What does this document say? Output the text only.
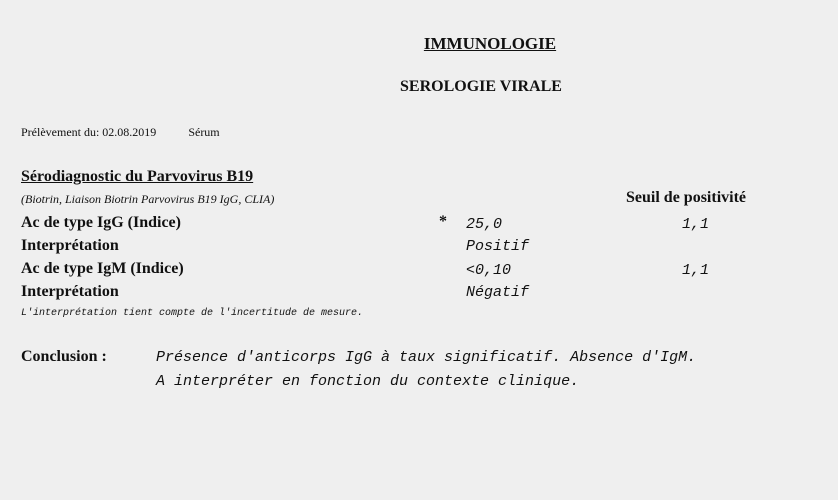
IMMUNOLOGIE
SEROLOGIE VIRALE
Prélèvement du: 02.08.2019	Sérum
Sérodiagnostic du Parvovirus B19
(Biotrin, Liaison Biotrin Parvovirus B19 IgG, CLIA)	Seuil de positivité
Ac de type IgG (Indice)	* 25,0	1,1
Interprétation	Positif
Ac de type IgM (Indice)	<0,10	1,1
Interprétation	Négatif
L'interprétation tient compte de l'incertitude de mesure.
Conclusion :	Présence d'anticorps IgG à taux significatif. Absence d'IgM.
A interpréter en fonction du contexte clinique.
